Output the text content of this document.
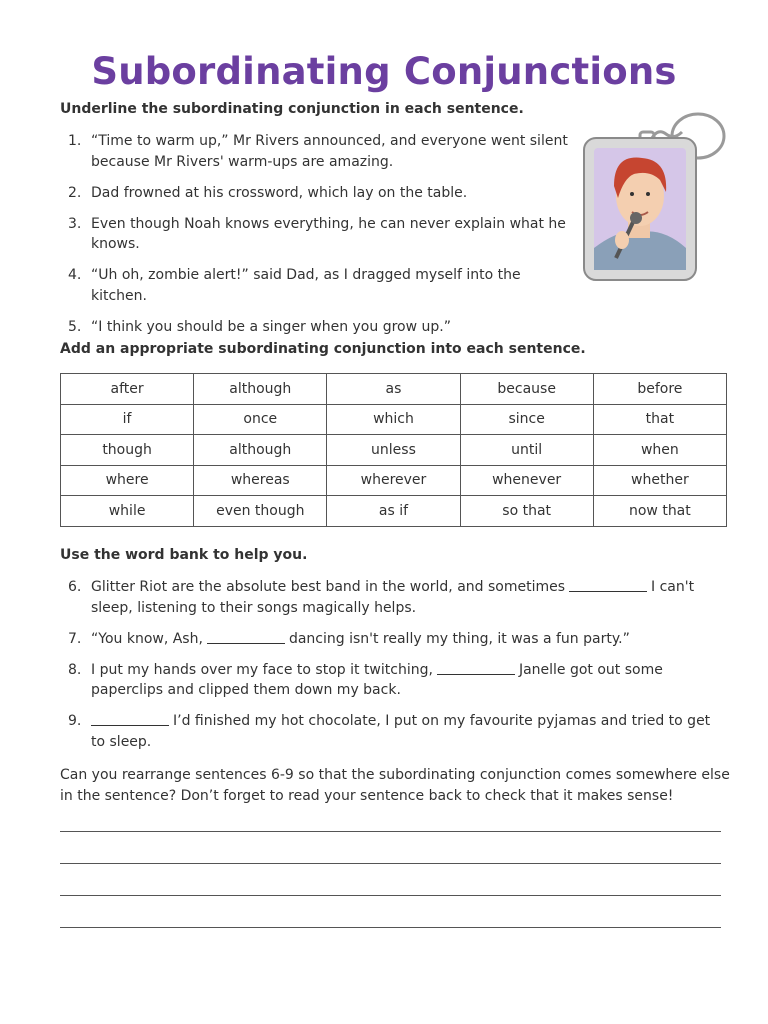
Subordinating Conjunctions
Underline the subordinating conjunction in each sentence.
1. “Time to warm up,” Mr Rivers announced, and everyone went silent because Mr Rivers' warm-ups are amazing.
2. Dad frowned at his crossword, which lay on the table.
3. Even though Noah knows everything, he can never explain what he knows.
4. “Uh oh, zombie alert!” said Dad, as I dragged myself into the kitchen.
5. “I think you should be a singer when you grow up.”
Add an appropriate subordinating conjunction into each sentence.
after	although	as	because	before
if	once	which	since	that
though	although	unless	until	when
where	whereas	wherever	whenever	whether
while	even though	as if	so that	now that
Use the word bank to help you.
6. Glitter Riot are the absolute best band in the world, and sometimes	I can't sleep, listening to their songs magically helps.
7. “You know, Ash,	dancing isn't really my thing, it was a fun party.”
8. I put my hands over my face to stop it twitching,	Janelle got out some paperclips and clipped them down my back.
9.	I’d finished my hot chocolate, I put on my favourite pyjamas and tried to get to sleep.
Can you rearrange sentences 6-9 so that the subordinating conjunction comes somewhere else in the sentence? Don’t forget to read your sentence back to check that it makes sense!
